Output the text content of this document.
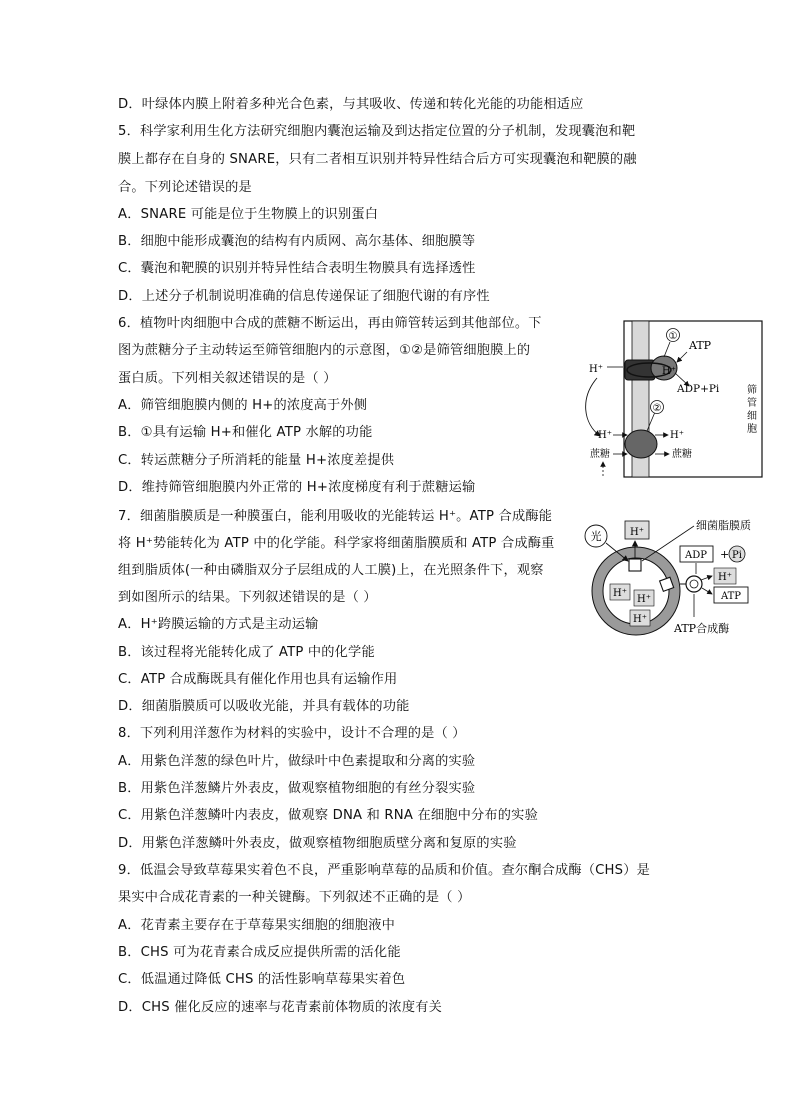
D．叶绿体内膜上附着多种光合色素，与其吸收、传递和转化光能的功能相适应
5．科学家利用生化方法研究细胞内囊泡运输及到达指定位置的分子机制，发现囊泡和靶
膜上都存在自身的 SNARE，只有二者相互识别并特异性结合后方可实现囊泡和靶膜的融
合。下列论述错误的是
A．SNARE 可能是位于生物膜上的识别蛋白
B．细胞中能形成囊泡的结构有内质网、高尔基体、细胞膜等
C．囊泡和靶膜的识别并特异性结合表明生物膜具有选择透性
D．上述分子机制说明准确的信息传递保证了细胞代谢的有序性
6．植物叶肉细胞中合成的蔗糖不断运出，再由筛管转运到其他部位。下
图为蔗糖分子主动转运至筛管细胞内的示意图，①②是筛管细胞膜上的
蛋白质。下列相关叙述错误的是（ ）
A．筛管细胞膜内侧的 H+的浓度高于外侧
B．①具有运输 H+和催化 ATP 水解的功能
C．转运蔗糖分子所消耗的能量 H+浓度差提供
D．维持筛管细胞膜内外正常的 H+浓度梯度有利于蔗糖运输
①
ATP
H⁺
ADP+Pi
H⁺
②
H⁺	H⁺
蔗糖	蔗糖
筛
管
细
胞
7．细菌脂膜质是一种膜蛋白，能利用吸收的光能转运 H⁺。ATP 合成酶能
将 H⁺势能转化为 ATP 中的化学能。科学家将细菌脂膜质和 ATP 合成酶重
组到脂质体(一种由磷脂双分子层组成的人工膜)上，在光照条件下，观察
到如图所示的结果。下列叙述错误的是（ ）
A．H⁺跨膜运输的方式是主动运输
B．该过程将光能转化成了 ATP 中的化学能
C．ATP 合成酶既具有催化作用也具有运输作用
D．细菌脂膜质可以吸收光能，并具有载体的功能
光	H⁺
细菌脂膜质
H⁺
H⁺
H⁺
ATP合成酶
ADP + Pi
H⁺
ATP
8．下列利用洋葱作为材料的实验中，设计不合理的是（ ）
A．用紫色洋葱的绿色叶片，做绿叶中色素提取和分离的实验
B．用紫色洋葱鳞片外表皮，做观察植物细胞的有丝分裂实验
C．用紫色洋葱鳞叶内表皮，做观察 DNA 和 RNA 在细胞中分布的实验
D．用紫色洋葱鳞叶外表皮，做观察植物细胞质壁分离和复原的实验
9．低温会导致草莓果实着色不良，严重影响草莓的品质和价值。查尔酮合成酶（CHS）是
果实中合成花青素的一种关键酶。下列叙述不正确的是（ ）
A．花青素主要存在于草莓果实细胞的细胞液中
B．CHS 可为花青素合成反应提供所需的活化能
C．低温通过降低 CHS 的活性影响草莓果实着色
D．CHS 催化反应的速率与花青素前体物质的浓度有关
